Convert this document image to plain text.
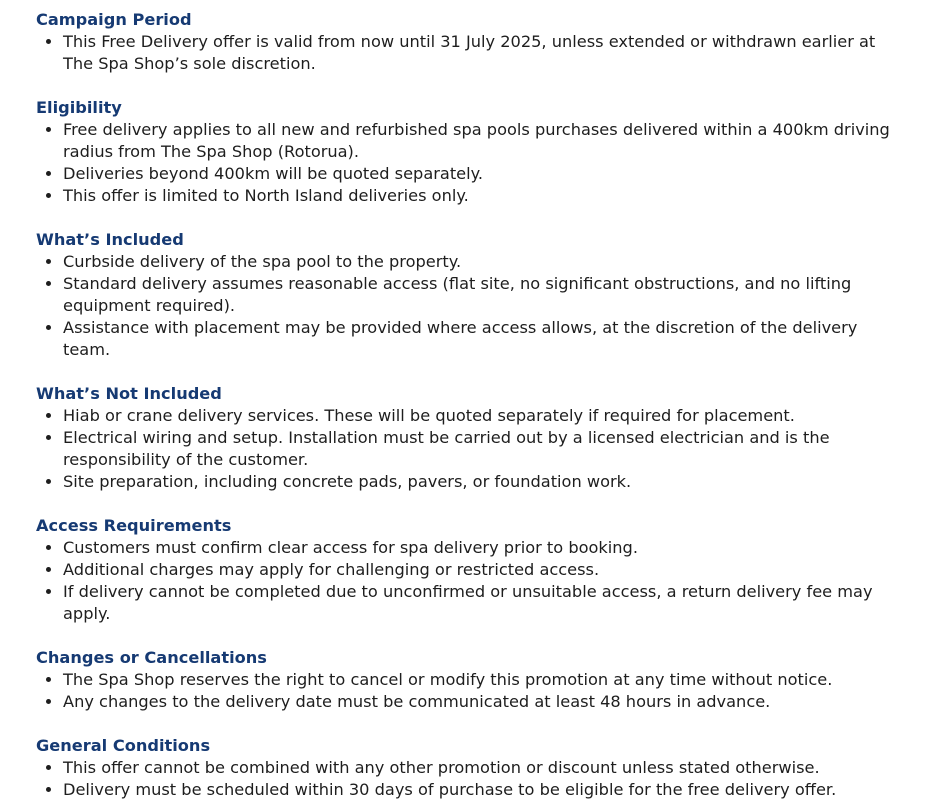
Campaign Period
• This Free Delivery offer is valid from now until 31 July 2025, unless extended or withdrawn earlier at The Spa Shop’s sole discretion.
Eligibility
• Free delivery applies to all new and refurbished spa pools purchases delivered within a 400km driving radius from The Spa Shop (Rotorua).
• Deliveries beyond 400km will be quoted separately.
• This offer is limited to North Island deliveries only.
What’s Included
• Curbside delivery of the spa pool to the property.
• Standard delivery assumes reasonable access (flat site, no significant obstructions, and no lifting equipment required).
• Assistance with placement may be provided where access allows, at the discretion of the delivery team.
What’s Not Included
• Hiab or crane delivery services. These will be quoted separately if required for placement.
• Electrical wiring and setup. Installation must be carried out by a licensed electrician and is the responsibility of the customer.
• Site preparation, including concrete pads, pavers, or foundation work.
Access Requirements
• Customers must confirm clear access for spa delivery prior to booking.
• Additional charges may apply for challenging or restricted access.
• If delivery cannot be completed due to unconfirmed or unsuitable access, a return delivery fee may apply.
Changes or Cancellations
• The Spa Shop reserves the right to cancel or modify this promotion at any time without notice.
• Any changes to the delivery date must be communicated at least 48 hours in advance.
General Conditions
• This offer cannot be combined with any other promotion or discount unless stated otherwise.
• Delivery must be scheduled within 30 days of purchase to be eligible for the free delivery offer.
